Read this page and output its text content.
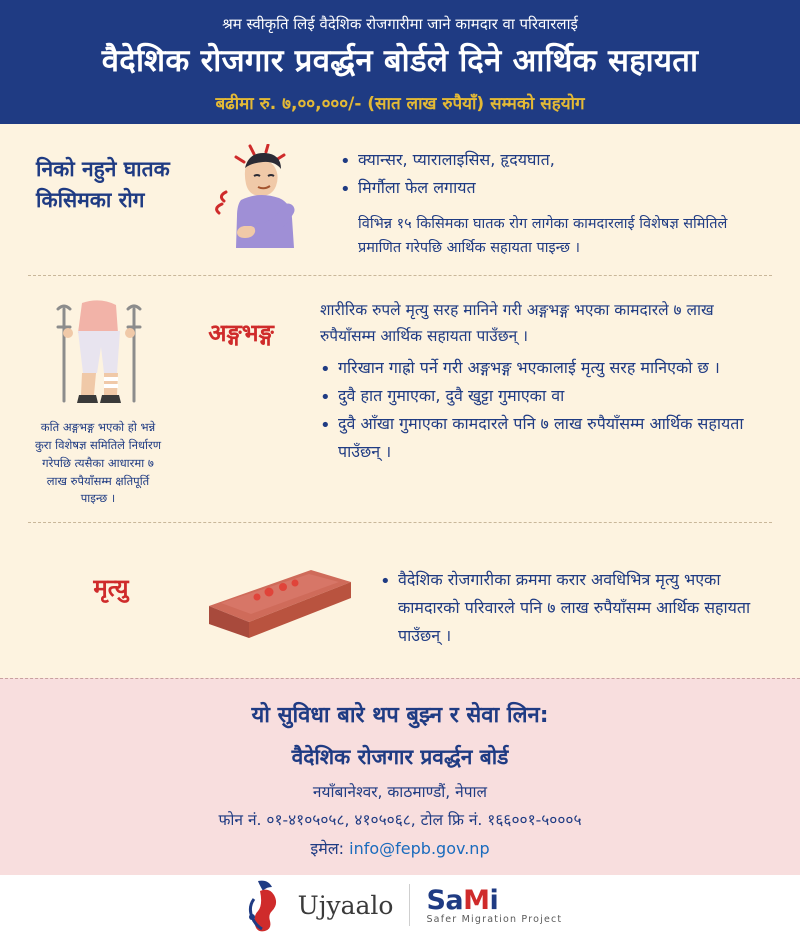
श्रम स्वीकृति लिई वैदेशिक रोजगारीमा जाने कामदार वा परिवारलाई
वैदेशिक रोजगार प्रवर्द्धन बोर्डले दिने आर्थिक सहायता
बढीमा रु. ७,००,०००/- (सात लाख रुपैयाँ) सम्मको सहयोग
निको नहुने घातक किसिमका रोग
• क्यान्सर, प्यारालाइसिस, हृदयघात,
• मिर्गौला फेल लगायत
विभिन्न १५ किसिमका घातक रोग लागेका कामदारलाई विशेषज्ञ समितिले प्रमाणित गरेपछि आर्थिक सहायता पाइन्छ ।
कति अङ्गभङ्ग भएको हो भन्ने कुरा विशेषज्ञ समितिले निर्धारण गरेपछि त्यसैका आधारमा ७ लाख रुपैयाँसम्म क्षतिपूर्ति पाइन्छ ।
अङ्गभङ्ग
शारीरिक रुपले मृत्यु सरह मानिने गरी अङ्गभङ्ग भएका कामदारले ७ लाख रुपैयाँसम्म आर्थिक सहायता पाउँछन् ।
• गरिखान गाह्रो पर्ने गरी अङ्गभङ्ग भएकालाई मृत्यु सरह मानिएको छ ।
• दुवै हात गुमाएका, दुवै खुट्टा गुमाएका वा
• दुवै आँखा गुमाएका कामदारले पनि ७ लाख रुपैयाँसम्म आर्थिक सहायता पाउँछन् ।
मृत्यु	• वैदेशिक रोजगारीका क्रममा करार अवधिभित्र मृत्यु भएका कामदारको परिवारले पनि ७ लाख रुपैयाँसम्म आर्थिक सहायता पाउँछन् ।
यो सुविधा बारे थप बुझ्न र सेवा लिन:
वैदेशिक रोजगार प्रवर्द्धन बोर्ड
नयाँबानेश्वर, काठमाण्डौं, नेपाल
फोन नं. ०१-४१०५०५८, ४१०५०६८, टोल फ्रि नं. १६६००१-५०००५
इमेल: info@fepb.gov.np
Ujyaalo SaMi
Safer Migration Project
